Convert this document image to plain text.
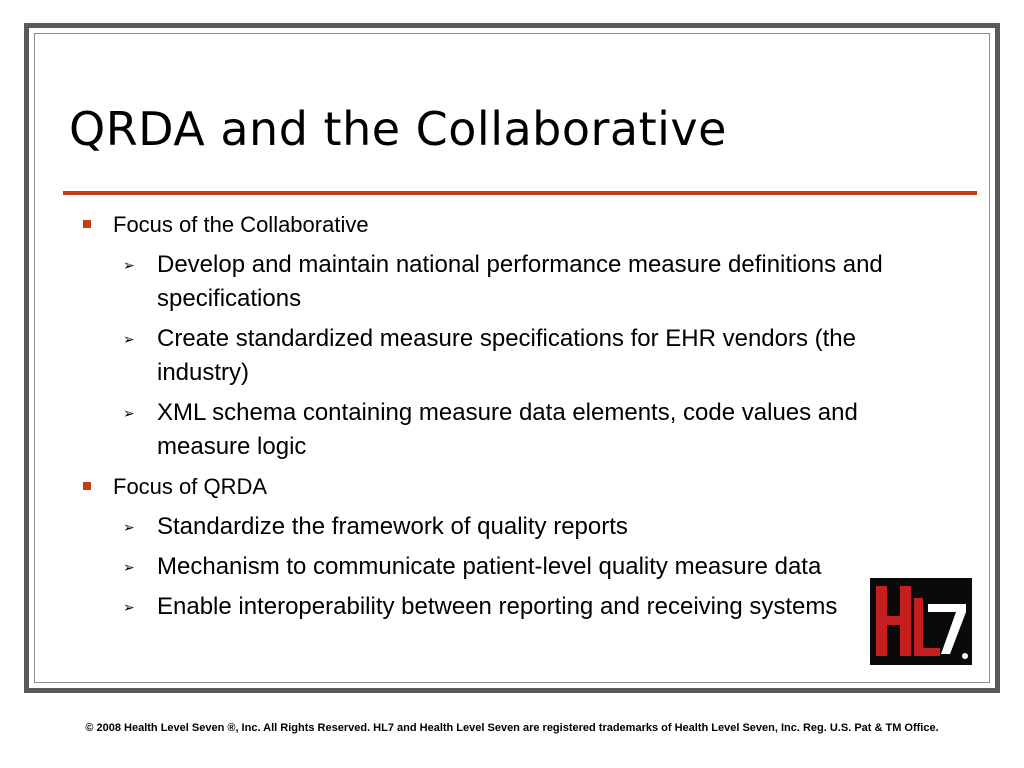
QRDA and the Collaborative
Focus of the Collaborative
➢ Develop and maintain national performance measure definitions and specifications
➢ Create standardized measure specifications for EHR vendors (the industry)
➢ XML schema containing measure data elements, code values and measure logic
Focus of QRDA
➢ Standardize the framework of quality reports
➢ Mechanism to communicate patient-level quality measure data
➢ Enable interoperability between reporting and receiving systems
© 2008 Health Level Seven ®, Inc. All Rights Reserved. HL7 and Health Level Seven are registered trademarks of Health Level Seven, Inc. Reg. U.S. Pat & TM Office.
